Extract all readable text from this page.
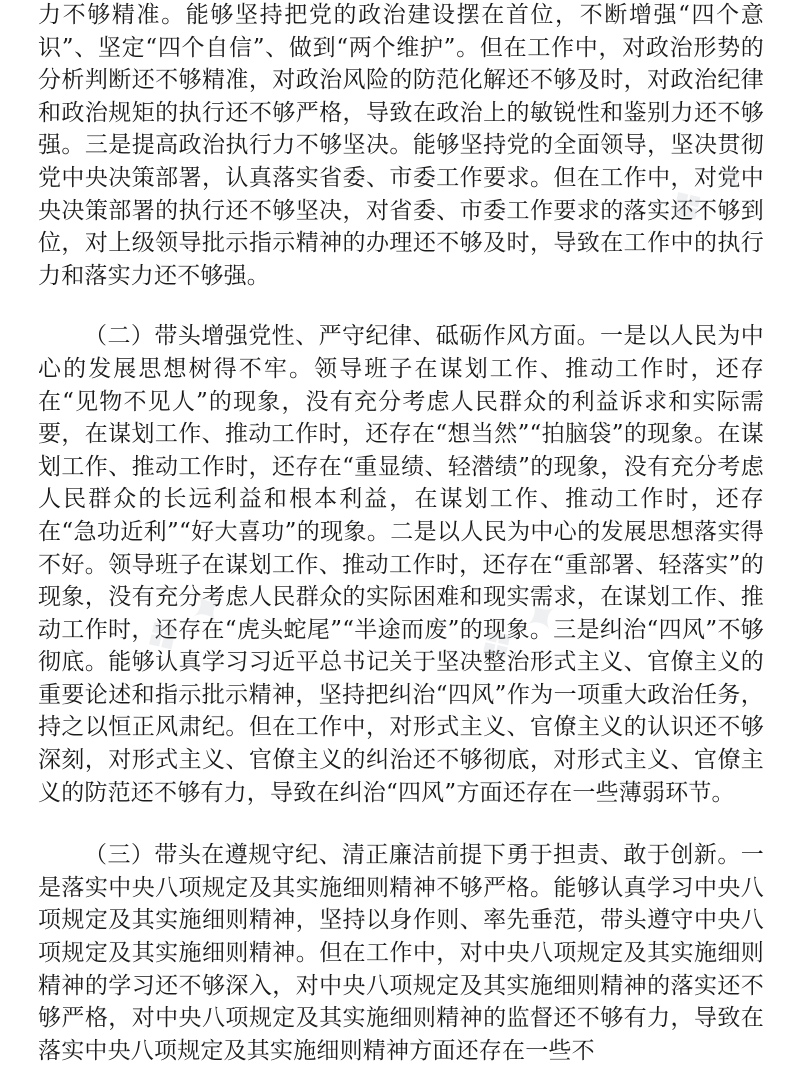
力不够精准。能够坚持把党的政治建设摆在首位，不断增强“四个意识”、坚定“四个自信”、做到“两个维护”。但在工作中，对政治形势的分析判断还不够精准，对政治风险的防范化解还不够及时，对政治纪律和政治规矩的执行还不够严格，导致在政治上的敏锐性和鉴别力还不够强。三是提高政治执行力不够坚决。能够坚持党的全面领导，坚决贯彻党中央决策部署，认真落实省委、市委工作要求。但在工作中，对党中央决策部署的执行还不够坚决，对省委、市委工作要求的落实还不够到位，对上级领导批示指示精神的办理还不够及时，导致在工作中的执行力和落实力还不够强。

（二）带头增强党性、严守纪律、砥砺作风方面。一是以人民为中心的发展思想树得不牢。领导班子在谋划工作、推动工作时，还存在“见物不见人”的现象，没有充分考虑人民群众的利益诉求和实际需要，在谋划工作、推动工作时，还存在“想当然”“拍脑袋”的现象。在谋划工作、推动工作时，还存在“重显绩、轻潜绩”的现象，没有充分考虑人民群众的长远利益和根本利益，在谋划工作、推动工作时，还存在“急功近利”“好大喜功”的现象。二是以人民为中心的发展思想落实得不好。领导班子在谋划工作、推动工作时，还存在“重部署、轻落实”的现象，没有充分考虑人民群众的实际困难和现实需求，在谋划工作、推动工作时，还存在“虎头蛇尾”“半途而废”的现象。三是纠治“四风”不够彻底。能够认真学习习近平总书记关于坚决整治形式主义、官僚主义的重要论述和指示批示精神，坚持把纠治“四风”作为一项重大政治任务，持之以恒正风肃纪。但在工作中，对形式主义、官僚主义的认识还不够深刻，对形式主义、官僚主义的纠治还不够彻底，对形式主义、官僚主义的防范还不够有力，导致在纠治“四风”方面还存在一些薄弱环节。

（三）带头在遵规守纪、清正廉洁前提下勇于担责、敢于创新。一是落实中央八项规定及其实施细则精神不够严格。能够认真学习中央八项规定及其实施细则精神，坚持以身作则、率先垂范，带头遵守中央八项规定及其实施细则精神。但在工作中，对中央八项规定及其实施细则精神的学习还不够深入，对中央八项规定及其实施细则精神的落实还不够严格，对中央八项规定及其实施细则精神的监督还不够有力，导致在落实中央八项规定及其实施细则精神方面还存在一些不

❖ ✦
❖ ✦	❖ ✦
